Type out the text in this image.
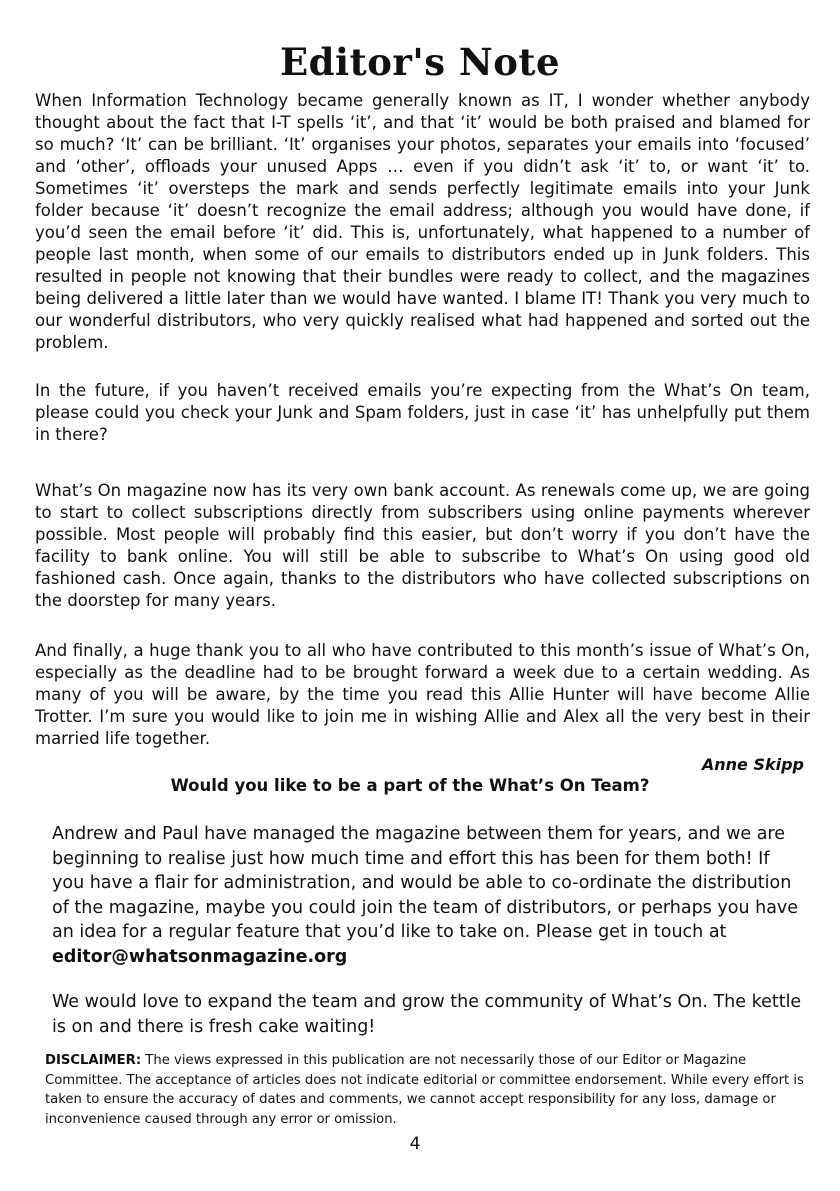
Editor's Note

When Information Technology became generally known as IT, I wonder whether anybody thought about the fact that I-T spells ‘it’, and that ‘it’ would be both praised and blamed for so much? ‘It’ can be brilliant. ‘It’ organises your photos, separates your emails into ‘focused’ and ‘other’, offloads your unused Apps … even if you didn’t ask ‘it’ to, or want ‘it’ to. Sometimes ‘it’ oversteps the mark and sends perfectly legitimate emails into your Junk folder because ‘it’ doesn’t recognize the email address; although you would have done, if you’d seen the email before ‘it’ did. This is, unfortunately, what happened to a number of people last month, when some of our emails to distributors ended up in Junk folders. This resulted in people not knowing that their bundles were ready to collect, and the magazines being delivered a little later than we would have wanted. I blame IT! Thank you very much to our wonderful distributors, who very quickly realised what had happened and sorted out the problem.

In the future, if you haven’t received emails you’re expecting from the What’s On team, please could you check your Junk and Spam folders, just in case ‘it’ has unhelpfully put them in there?

What’s On magazine now has its very own bank account. As renewals come up, we are going to start to collect subscriptions directly from subscribers using online payments wherever possible. Most people will probably find this easier, but don’t worry if you don’t have the facility to bank online. You will still be able to subscribe to What’s On using good old fashioned cash. Once again, thanks to the distributors who have collected subscriptions on the doorstep for many years.

And finally, a huge thank you to all who have contributed to this month’s issue of What’s On, especially as the deadline had to be brought forward a week due to a certain wedding. As many of you will be aware, by the time you read this Allie Hunter will have become Allie Trotter. I’m sure you would like to join me in wishing Allie and Alex all the very best in their married life together.

Anne Skipp

Would you like to be a part of the What’s On Team?

Andrew and Paul have managed the magazine between them for years, and we are beginning to realise just how much time and effort this has been for them both! If you have a flair for administration, and would be able to co-ordinate the distribution of the magazine, maybe you could join the team of distributors, or perhaps you have an idea for a regular feature that you’d like to take on. Please get in touch at
editor@whatsonmagazine.org

We would love to expand the team and grow the community of What’s On. The kettle is on and there is fresh cake waiting!

DISCLAIMER: The views expressed in this publication are not necessarily those of our Editor or Magazine Committee. The acceptance of articles does not indicate editorial or committee endorsement. While every effort is taken to ensure the accuracy of dates and comments, we cannot accept responsibility for any loss, damage or inconvenience caused through any error or omission.

4
